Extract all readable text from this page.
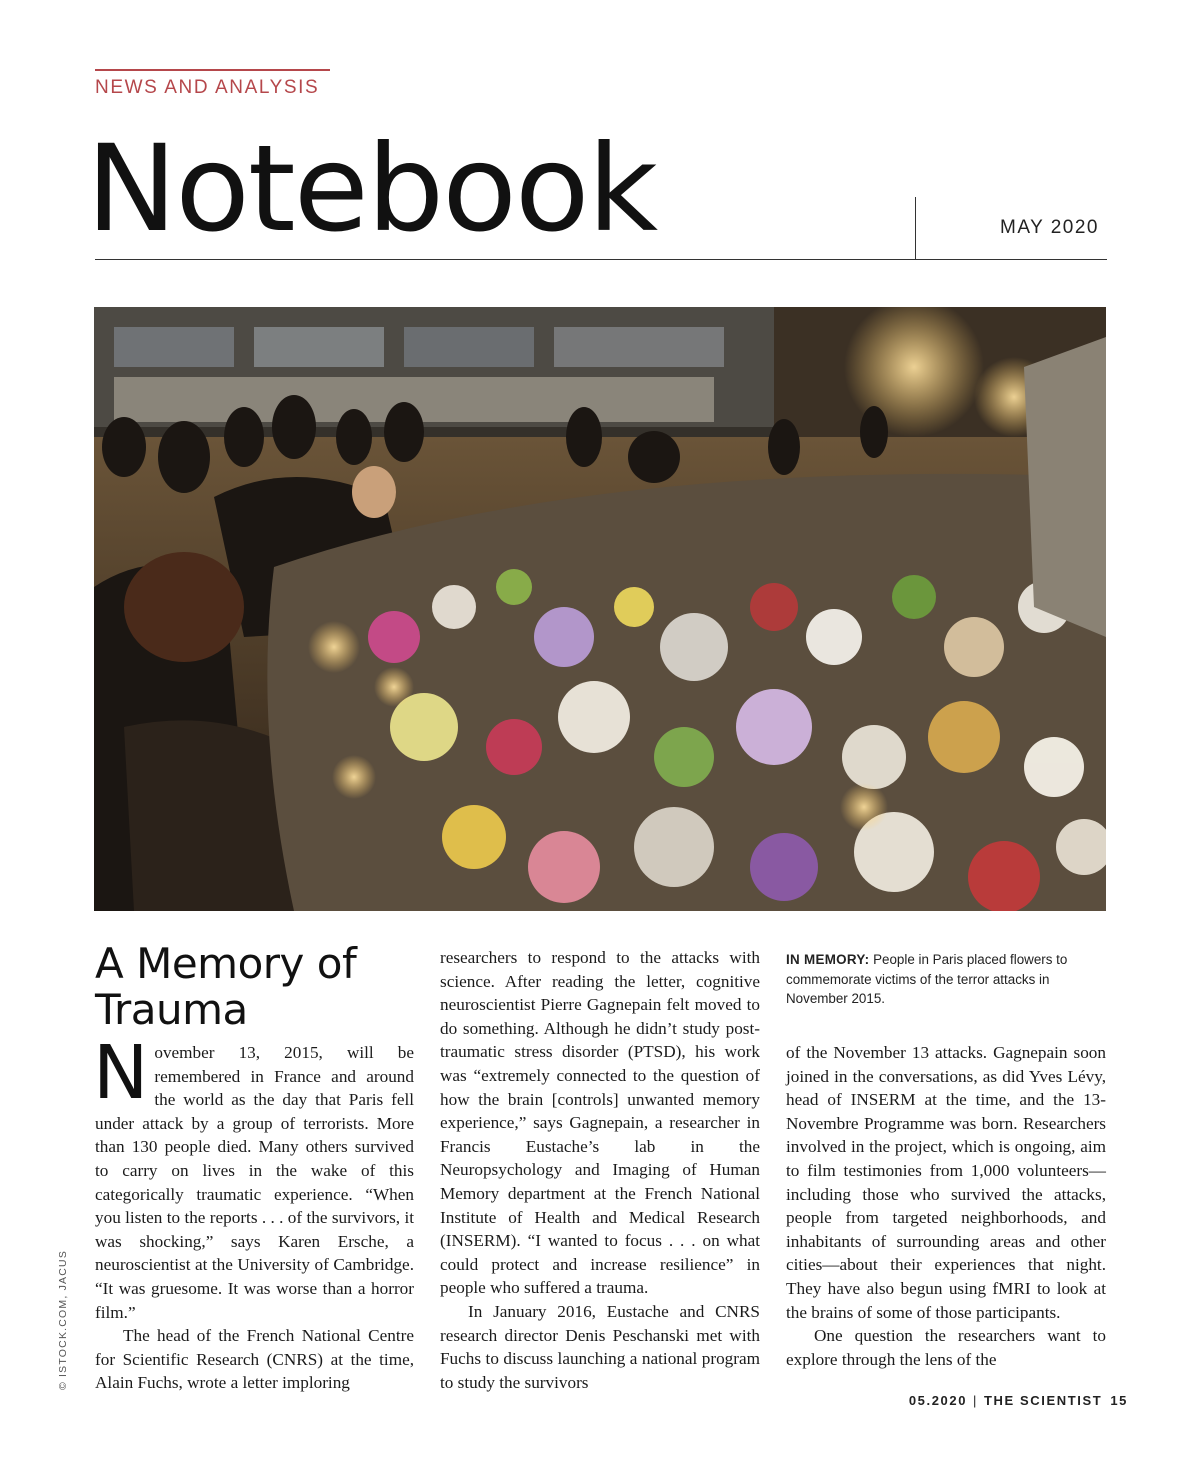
NEWS AND ANALYSIS
Notebook	MAY 2020
© ISTOCK.COM, JACUS
A Memory of Trauma

November 13, 2015, will be remembered in France and around the world as the day that Paris fell under attack by a group of terrorists. More than 130 people died. Many others survived to carry on lives in the wake of this categorically traumatic experience. “When you listen to the reports . . . of the survivors, it was shocking,” says Karen Ersche, a neuroscientist at the University of Cambridge. “It was gruesome. It was worse than a horror film.”

The head of the French National Centre for Scientific Research (CNRS) at the time, Alain Fuchs, wrote a letter imploring

researchers to respond to the attacks with science. After reading the letter, cognitive neuroscientist Pierre Gagnepain felt moved to do something. Although he didn’t study post-traumatic stress disorder (PTSD), his work was “extremely connected to the question of how the brain [controls] unwanted memory experience,” says Gagnepain, a researcher in Francis Eustache’s lab in the Neuropsychology and Imaging of Human Memory department at the French National Institute of Health and Medical Research (INSERM). “I wanted to focus . . . on what could protect and increase resilience” in people who suffered a trauma.

In January 2016, Eustache and CNRS research director Denis Peschanski met with Fuchs to discuss launching a national program to study the survivors

IN MEMORY: People in Paris placed flowers to commemorate victims of the terror attacks in November 2015.

of the November 13 attacks. Gagnepain soon joined in the conversations, as did Yves Lévy, head of INSERM at the time, and the 13-Novembre Programme was born. Researchers involved in the project, which is ongoing, aim to film testimonies from 1,000 volunteers—including those who survived the attacks, people from targeted neighborhoods, and inhabitants of surrounding areas and other cities—about their experiences that night. They have also begun using fMRI to look at the brains of some of those participants.

One question the researchers want to explore through the lens of the

05.2020 | THE SCIENTIST 15
